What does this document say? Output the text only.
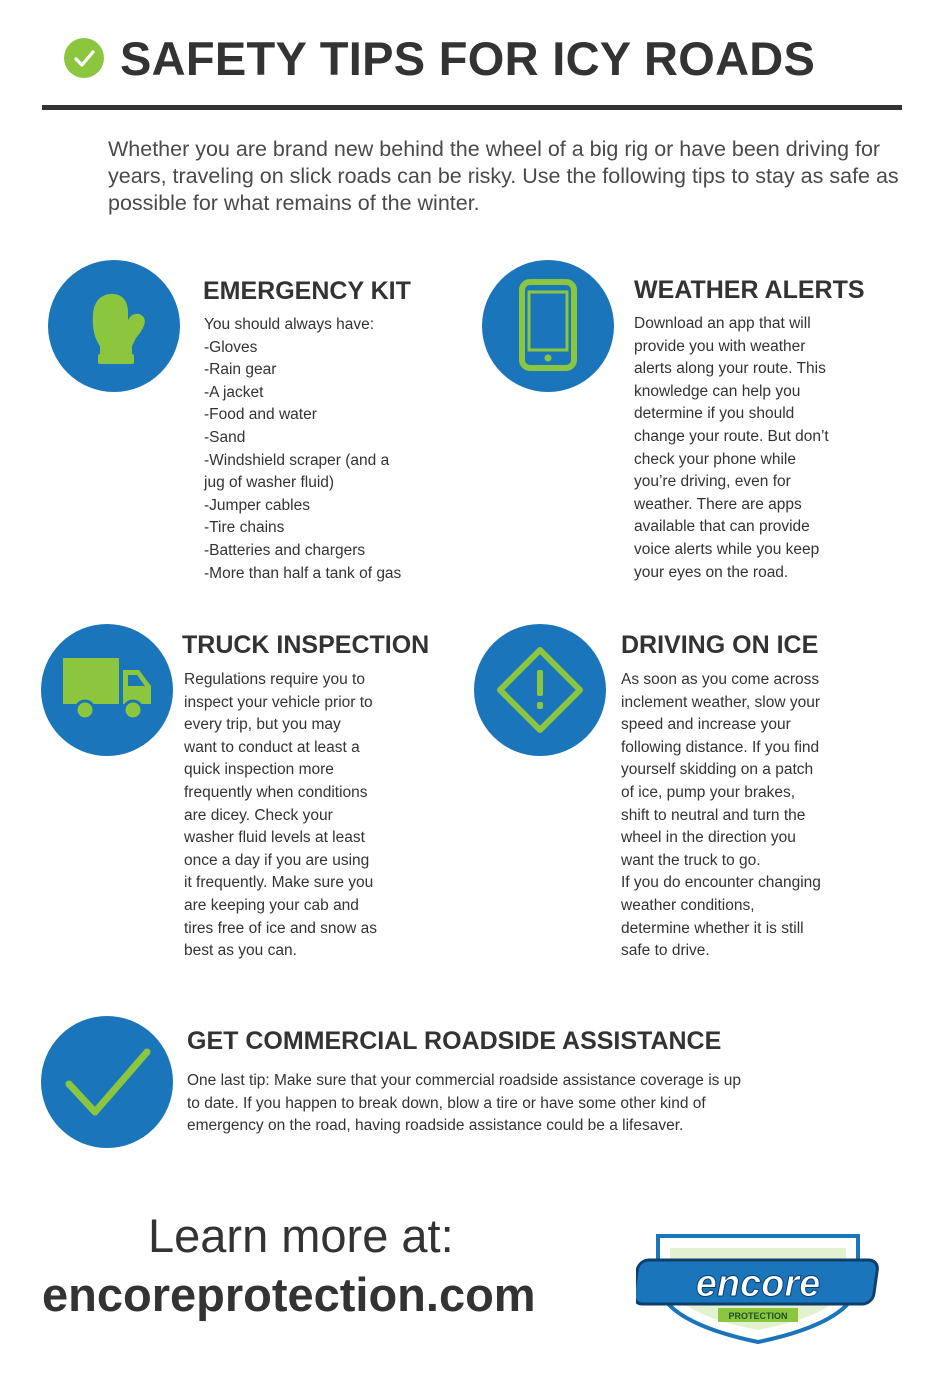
SAFETY TIPS FOR ICY ROADS

Whether you are brand new behind the wheel of a big rig or have been driving for years, traveling on slick roads can be risky. Use the following tips to stay as safe as possible for what remains of the winter.

EMERGENCY KIT
You should always have:
-Gloves
-Rain gear
-A jacket
-Food and water
-Sand
-Windshield scraper (and a
jug of washer fluid)
-Jumper cables
-Tire chains
-Batteries and chargers
-More than half a tank of gas
WEATHER ALERTS
Download an app that will
provide you with weather
alerts along your route. This
knowledge can help you
determine if you should
change your route. But don’t
check your phone while
you’re driving, even for
weather. There are apps
available that can provide
voice alerts while you keep
your eyes on the road.
TRUCK INSPECTION
Regulations require you to
inspect your vehicle prior to
every trip, but you may
want to conduct at least a
quick inspection more
frequently when conditions
are dicey. Check your
washer fluid levels at least
once a day if you are using
it frequently. Make sure you
are keeping your cab and
tires free of ice and snow as
best as you can.
DRIVING ON ICE
As soon as you come across
inclement weather, slow your
speed and increase your
following distance. If you find
yourself skidding on a patch
of ice, pump your brakes,
shift to neutral and turn the
wheel in the direction you
want the truck to go.
If you do encounter changing
weather conditions,
determine whether it is still
safe to drive.
GET COMMERCIAL ROADSIDE ASSISTANCE
One last tip: Make sure that your commercial roadside assistance coverage is up
to date. If you happen to break down, blow a tire or have some other kind of
emergency on the road, having roadside assistance could be a lifesaver.

Learn more at:

encoreprotection.com	encore
PROTECTION
